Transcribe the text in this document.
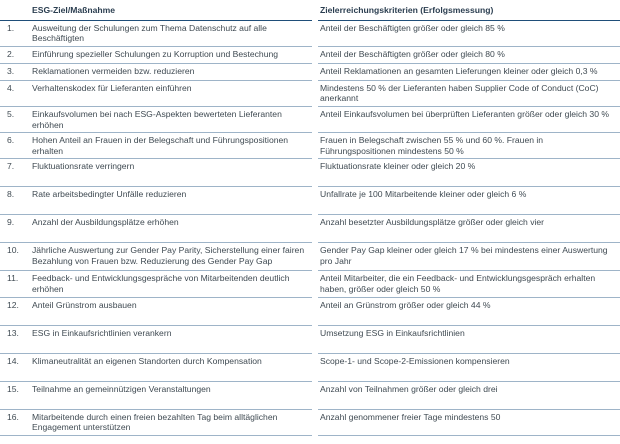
	ESG-Ziel/Maßnahme		Zielerreichungskriterien (Erfolgsmessung)
1.	Ausweitung der Schulungen zum Thema Datenschutz auf alle Beschäftigten		Anteil der Beschäftigten größer oder gleich 85 %
2.	Einführung spezieller Schulungen zu Korruption und Bestechung		Anteil der Beschäftigten größer oder gleich 80 %
3.	Reklamationen vermeiden bzw. reduzieren		Anteil Reklamationen an gesamten Lieferungen kleiner oder gleich 0,3 %
4.	Verhaltenskodex für Lieferanten einführen		Mindestens 50 % der Lieferanten haben Supplier Code of Conduct (CoC) anerkannt
5.	Einkaufsvolumen bei nach ESG-Aspekten bewerteten Lieferanten erhöhen		Anteil Einkaufsvolumen bei überprüften Lieferanten größer oder gleich 30 %
6.	Hohen Anteil an Frauen in der Belegschaft und Führungspositionen erhalten		Frauen in Belegschaft zwischen 55 % und 60 %. Frauen in Führungspositionen mindestens 50 %
7.	Fluktuationsrate verringern		Fluktuationsrate kleiner oder gleich 20 %
8.	Rate arbeitsbedingter Unfälle reduzieren		Unfallrate je 100 Mitarbeitende kleiner oder gleich 6 %
9.	Anzahl der Ausbildungsplätze erhöhen		Anzahl besetzter Ausbildungsplätze größer oder gleich vier
10.	Jährliche Auswertung zur Gender Pay Parity, Sicherstellung einer fairen Bezahlung von Frauen bzw. Reduzierung des Gender Pay Gap		Gender Pay Gap kleiner oder gleich 17 % bei mindestens einer Auswertung pro Jahr
11.	Feedback- und Entwicklungsgespräche von Mitarbeitenden deutlich erhöhen		Anteil Mitarbeiter, die ein Feedback- und Entwicklungsgespräch erhalten haben, größer oder gleich 50 %
12.	Anteil Grünstrom ausbauen		Anteil an Grünstrom größer oder gleich 44 %
13.	ESG in Einkaufsrichtlinien verankern		Umsetzung ESG in Einkaufsrichtlinien
14.	Klimaneutralität an eigenen Standorten durch Kompensation		Scope-1- und Scope-2-Emissionen kompensieren
15.	Teilnahme an gemeinnützigen Veranstaltungen		Anzahl von Teilnahmen größer oder gleich drei
16.	Mitarbeitende durch einen freien bezahlten Tag beim alltäglichen Engagement unterstützen		Anzahl genommener freier Tage mindestens 50
